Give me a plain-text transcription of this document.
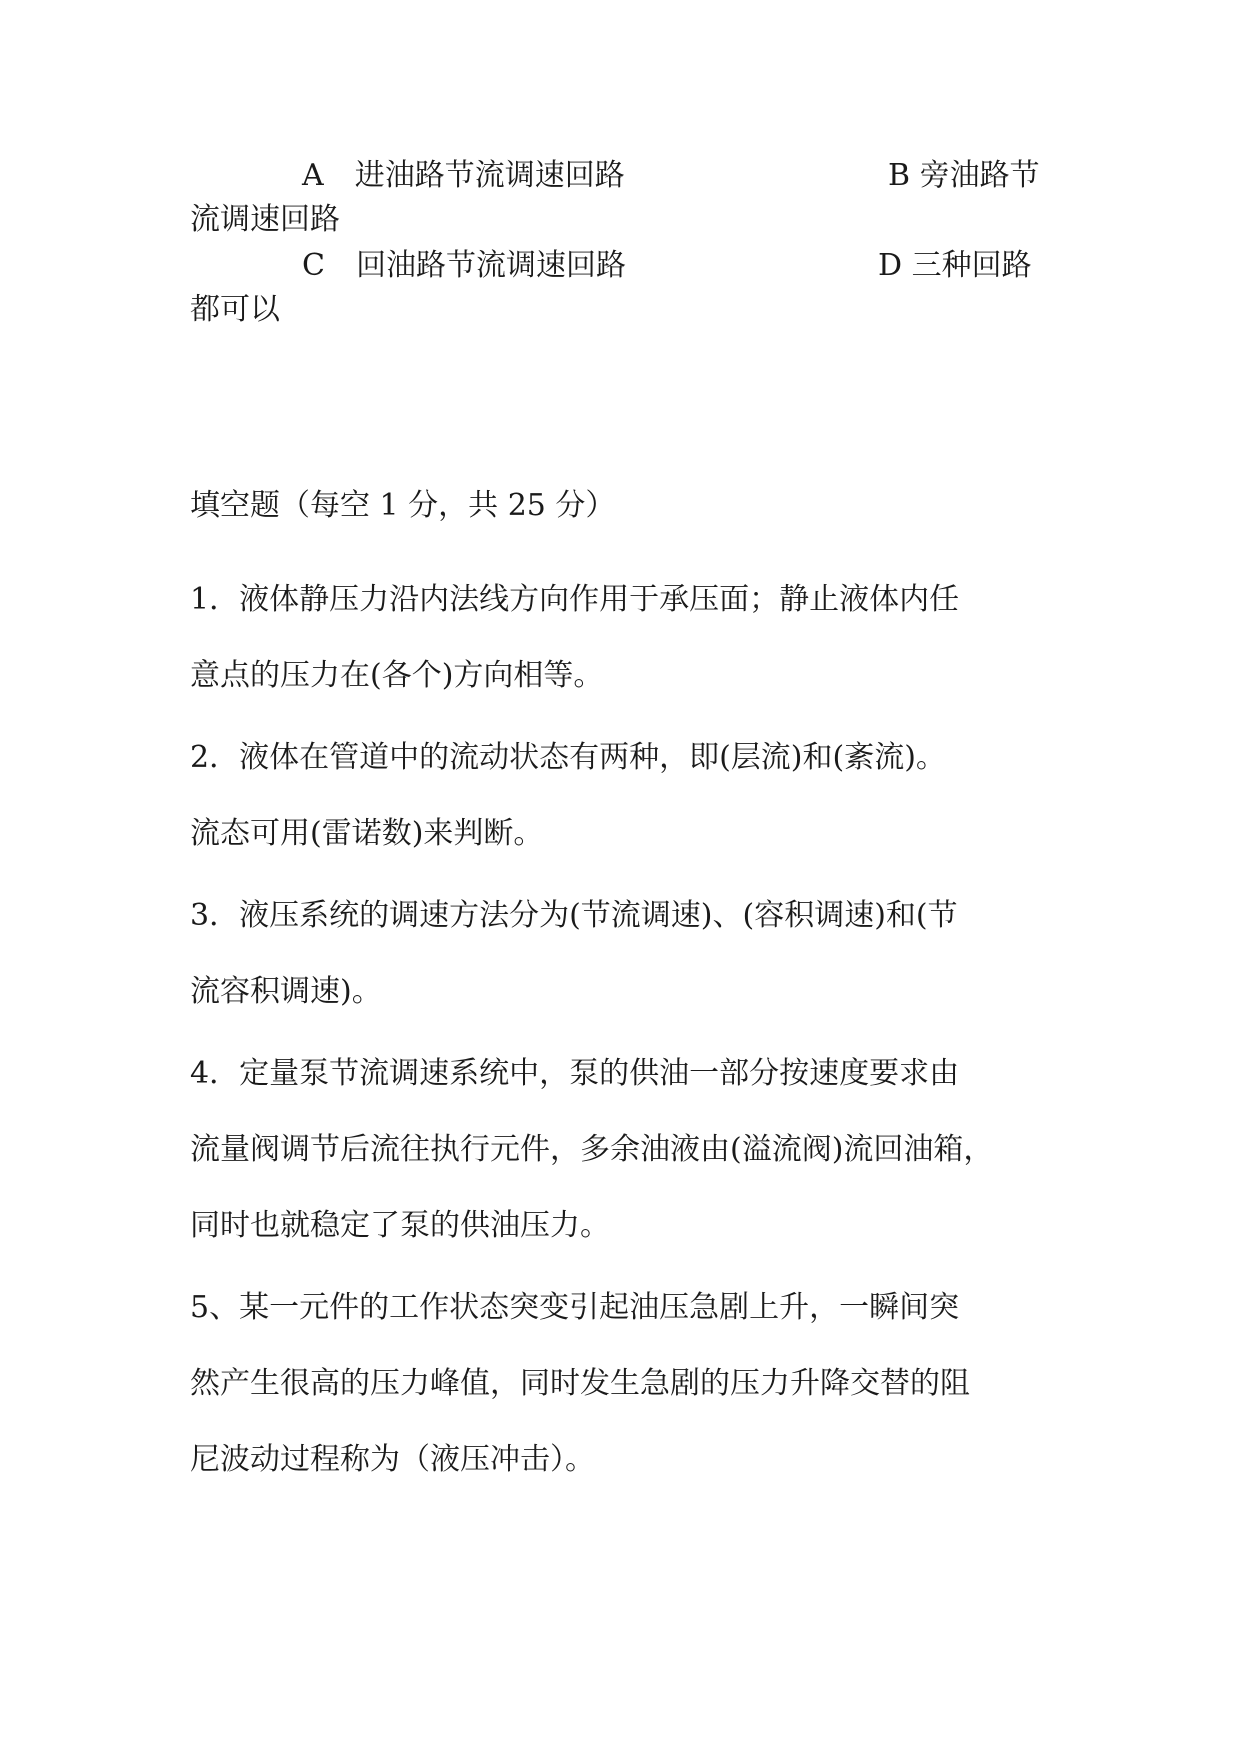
A 进油路节流调速回路	B 旁油路节
流调速回路
C 回油路节流调速回路	D 三种回路
都可以
填空题（每空 1 分，共 25 分）
1．液体静压力沿内法线方向作用于承压面；静止液体内任
意点的压力在(各个)方向相等。
2．液体在管道中的流动状态有两种，即(层流)和(紊流)。
流态可用(雷诺数)来判断。
3．液压系统的调速方法分为(节流调速)、(容积调速)和(节
流容积调速)。
4．定量泵节流调速系统中，泵的供油一部分按速度要求由
流量阀调节后流往执行元件，多余油液由(溢流阀)流回油箱，
同时也就稳定了泵的供油压力。
5、某一元件的工作状态突变引起油压急剧上升，一瞬间突
然产生很高的压力峰值，同时发生急剧的压力升降交替的阻
尼波动过程称为（液压冲击）。
